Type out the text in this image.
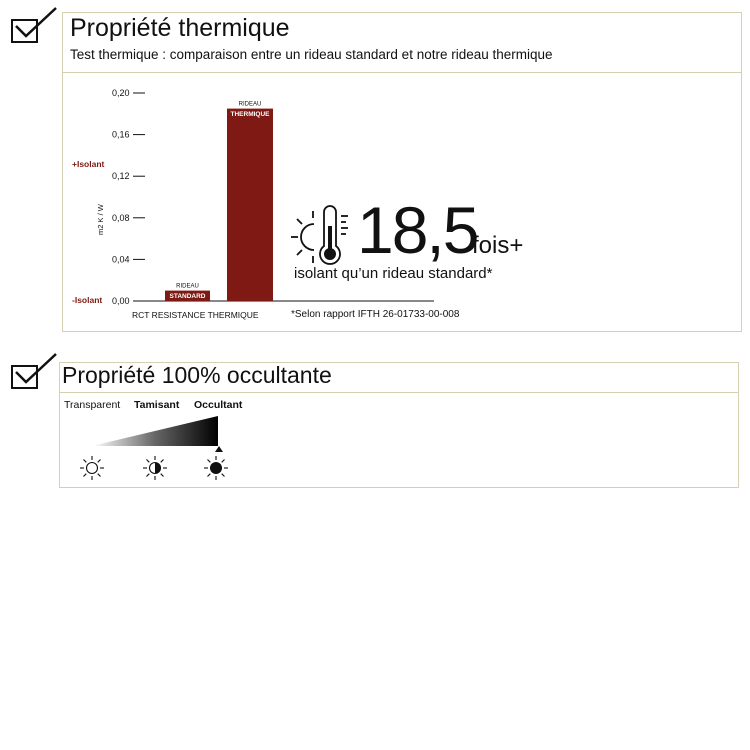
Propriété thermique
Test thermique : comparaison entre un rideau standard et notre rideau thermique
0,00
0,04
0,08
0,12
0,16
0,20
m2 K / W
+Isolant
-Isolant
RCT RESISTANCE THERMIQUE
RIDEAU
STANDARD
RIDEAU
THERMIQUE
18,5
fois+
isolant qu’un rideau standard*
*Selon rapport IFTH 26-01733-00-008
Propriété 100% occultante
Transparent Tamisant Occultant
